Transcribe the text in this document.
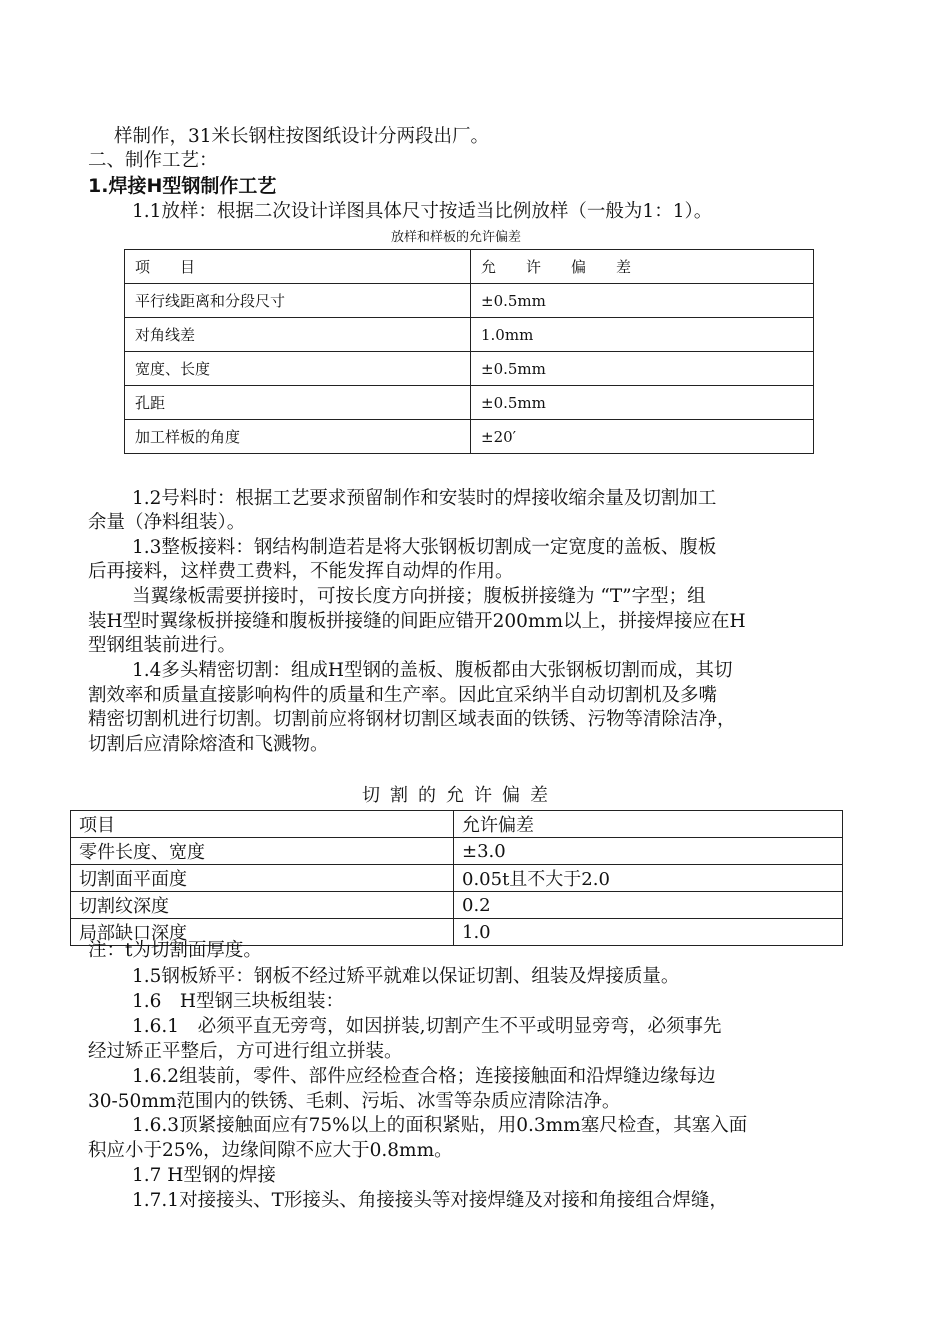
样制作，31米长钢柱按图纸设计分两段出厂。
二、制作工艺：
1.焊接H型钢制作工艺
1.1放样：根据二次设计详图具体尺寸按适当比例放样（一般为1：1）。
放样和样板的允许偏差
项　　目	允　　许　　偏　　差
平行线距离和分段尺寸	±0.5mm
对角线差	1.0mm
宽度、长度	±0.5mm
孔距	±0.5mm
加工样板的角度	±20′
1.2号料时：根据工艺要求预留制作和安装时的焊接收缩余量及切割加工
余量（净料组装）。
1.3整板接料：钢结构制造若是将大张钢板切割成一定宽度的盖板、腹板
后再接料，这样费工费料，不能发挥自动焊的作用。
当翼缘板需要拼接时，可按长度方向拼接；腹板拼接缝为 “T”字型；组
装H型时翼缘板拼接缝和腹板拼接缝的间距应错开200mm以上，拼接焊接应在H
型钢组装前进行。
1.4多头精密切割：组成H型钢的盖板、腹板都由大张钢板切割而成，其切
割效率和质量直接影响构件的质量和生产率。因此宜采纳半自动切割机及多嘴
精密切割机进行切割。切割前应将钢材切割区域表面的铁锈、污物等清除洁净，
切割后应清除熔渣和飞溅物。
切割的允许偏差
项目	允许偏差
零件长度、宽度	±3.0
切割面平面度	0.05t且不大于2.0
切割纹深度	0.2
局部缺口深度	1.0
注：t为切割面厚度。
1.5钢板矫平：钢板不经过矫平就难以保证切割、组装及焊接质量。
1.6　H型钢三块板组装：
1.6.1　必须平直无旁弯，如因拼装,切割产生不平或明显旁弯，必须事先
经过矫正平整后，方可进行组立拼装。
1.6.2组装前，零件、部件应经检查合格；连接接触面和沿焊缝边缘每边
30-50mm范围内的铁锈、毛刺、污垢、冰雪等杂质应清除洁净。
1.6.3顶紧接触面应有75%以上的面积紧贴，用0.3mm塞尺检查，其塞入面
积应小于25%，边缘间隙不应大于0.8mm。
1.7 H型钢的焊接
1.7.1对接接头、T形接头、角接接头等对接焊缝及对接和角接组合焊缝，
